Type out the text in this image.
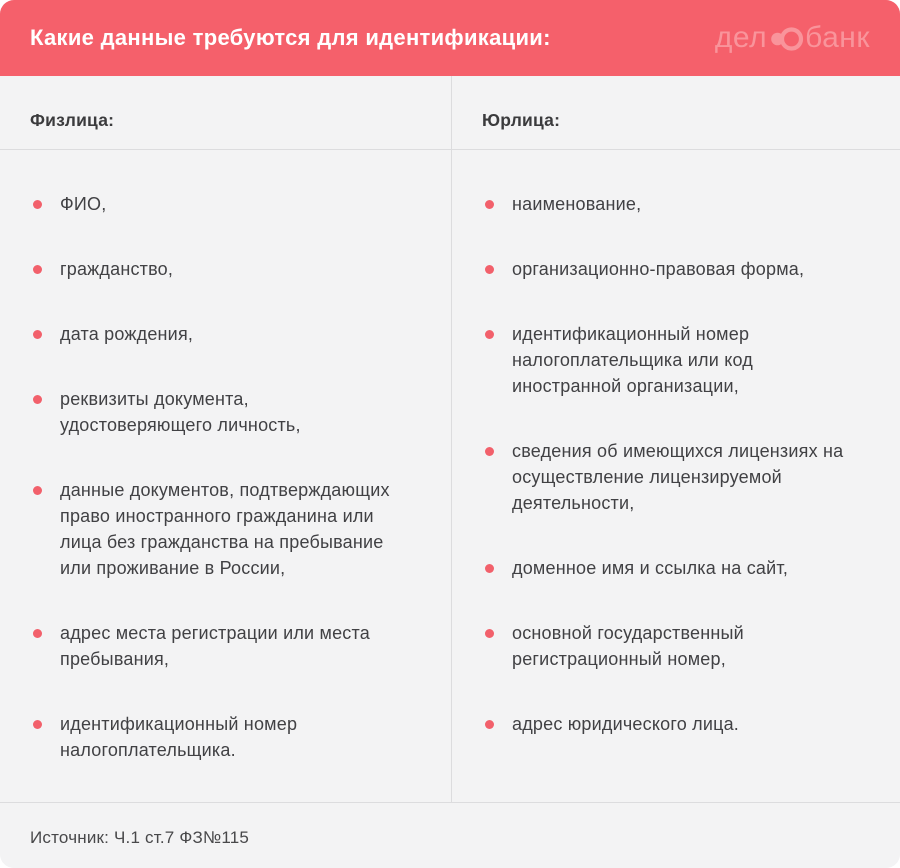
Какие данные требуются для идентификации:	дел банк
Физлица:
ФИО,
гражданство,
дата рождения,
реквизиты документа, удостоверяющего личность,
данные документов, подтверждающих право иностранного гражданина или лица без гражданства на пребывание или проживание в России,
адрес места регистрации или места пребывания,
идентификационный номер налогоплательщика.
Юрлица:
наименование,
организационно-правовая форма,
идентификационный номер налогоплательщика или код иностранной организации,
сведения об имеющихся лицензиях на осуществление лицензируемой деятельности,
доменное имя и ссылка на сайт,
основной государственный регистрационный номер,
адрес юридического лица.

Источник: Ч.1 ст.7 ФЗ№115
